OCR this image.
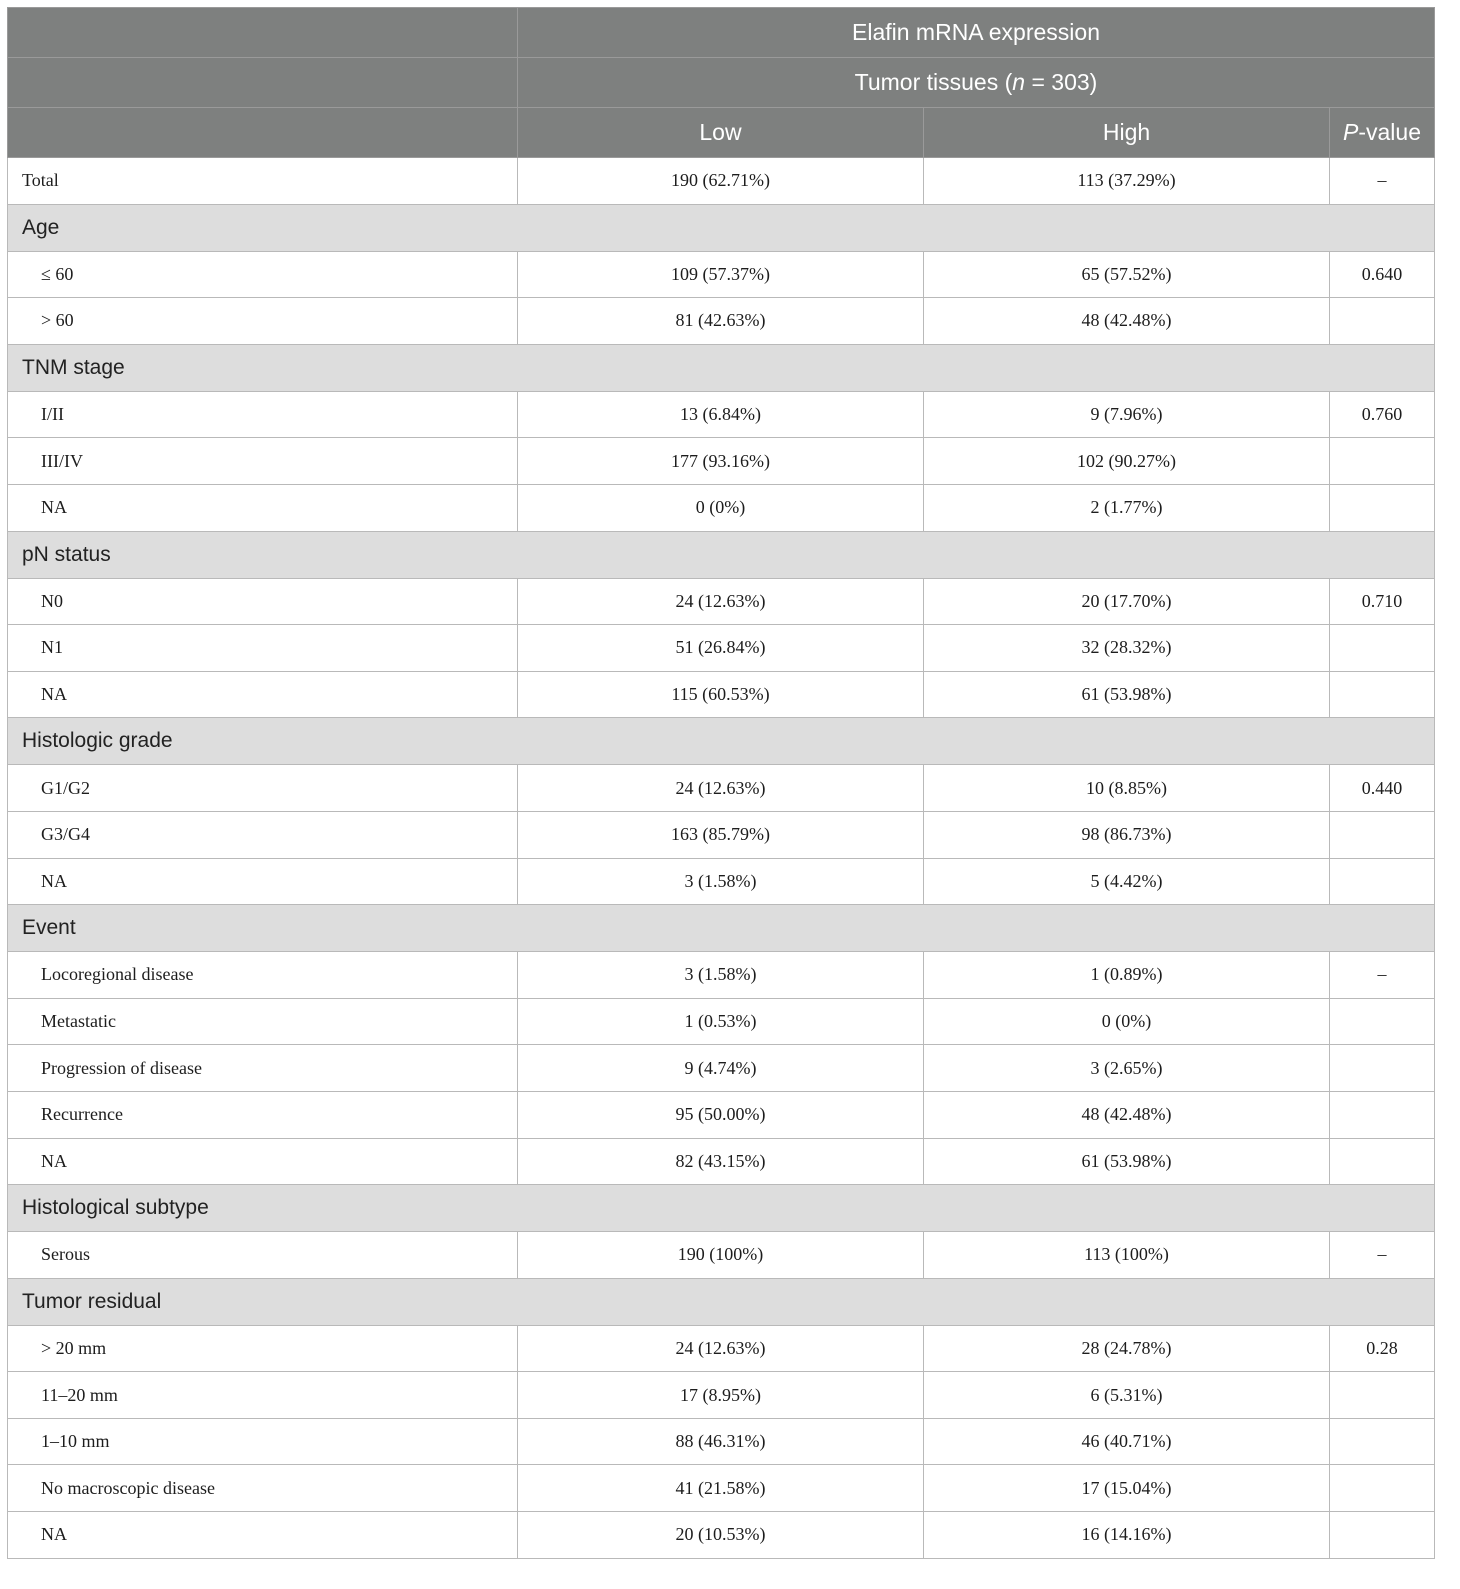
	Elafin mRNA expression		
	Tumor tissues (n = 303)		
	Low	High	P-value
Total	190 (62.71%)	113 (37.29%)	–
Age			
≤ 60	109 (57.37%)	65 (57.52%)	0.640
> 60	81 (42.63%)	48 (42.48%)	
TNM stage			
I/II	13 (6.84%)	9 (7.96%)	0.760
III/IV	177 (93.16%)	102 (90.27%)	
NA	0 (0%)	2 (1.77%)	
pN status			
N0	24 (12.63%)	20 (17.70%)	0.710
N1	51 (26.84%)	32 (28.32%)	
NA	115 (60.53%)	61 (53.98%)	
Histologic grade			
G1/G2	24 (12.63%)	10 (8.85%)	0.440
G3/G4	163 (85.79%)	98 (86.73%)	
NA	3 (1.58%)	5 (4.42%)	
Event			
Locoregional disease	3 (1.58%)	1 (0.89%)	–
Metastatic	1 (0.53%)	0 (0%)	
Progression of disease	9 (4.74%)	3 (2.65%)	
Recurrence	95 (50.00%)	48 (42.48%)	
NA	82 (43.15%)	61 (53.98%)	
Histological subtype			
Serous	190 (100%)	113 (100%)	–
Tumor residual			
> 20 mm	24 (12.63%)	28 (24.78%)	0.28
11–20 mm	17 (8.95%)	6 (5.31%)	
1–10 mm	88 (46.31%)	46 (40.71%)	
No macroscopic disease	41 (21.58%)	17 (15.04%)	
NA	20 (10.53%)	16 (14.16%)	
